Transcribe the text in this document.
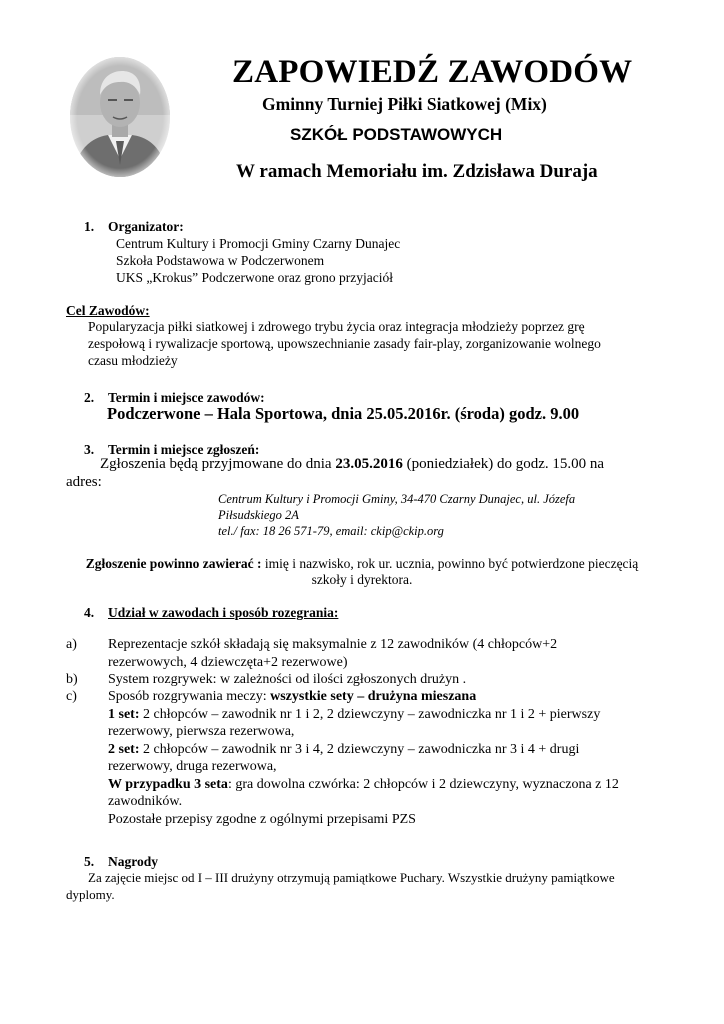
ZAPOWIEDŹ ZAWODÓW
Gminny Turniej Piłki Siatkowej (Mix)
SZKÓŁ PODSTAWOWYCH
W ramach Memoriału im. Zdzisława Duraja
1. Organizator:
Centrum Kultury i Promocji Gminy Czarny Dunajec
Szkoła Podstawowa w Podczerwonem
UKS „Krokus” Podczerwone oraz grono przyjaciół
Cel Zawodów:
Popularyzacja piłki siatkowej i zdrowego trybu życia oraz integracja młodzieży poprzez grę
zespołową i rywalizacje sportową, upowszechnianie zasady fair-play, zorganizowanie wolnego
czasu młodzieży
2. Termin i miejsce zawodów:
Podczerwone – Hala Sportowa, dnia 25.05.2016r. (środa) godz. 9.00
3. Termin i miejsce zgłoszeń:
Zgłoszenia będą przyjmowane do dnia 23.05.2016 (poniedziałek) do godz. 15.00 na
adres:
Centrum Kultury i Promocji Gminy, 34-470 Czarny Dunajec, ul. Józefa
Piłsudskiego 2A
tel./ fax: 18 26 571-79, email: ckip@ckip.org
Zgłoszenie powinno zawierać : imię i nazwisko, rok ur. ucznia, powinno być potwierdzone pieczęcią
szkoły i dyrektora.
4. Udział w zawodach i sposób rozegrania:
a) Reprezentacje szkół składają się maksymalnie z 12 zawodników (4 chłopców+2
rezerwowych, 4 dziewczęta+2 rezerwowe)
b) System rozgrywek: w zależności od ilości zgłoszonych drużyn .
c) Sposób rozgrywania meczy: wszystkie sety – drużyna mieszana
1 set: 2 chłopców – zawodnik nr 1 i 2, 2 dziewczyny – zawodniczka nr 1 i 2 + pierwszy
rezerwowy, pierwsza rezerwowa,
2 set: 2 chłopców – zawodnik nr 3 i 4, 2 dziewczyny – zawodniczka nr 3 i 4 + drugi
rezerwowy, druga rezerwowa,
W przypadku 3 seta: gra dowolna czwórka: 2 chłopców i 2 dziewczyny, wyznaczona z 12
zawodników.
Pozostałe przepisy zgodne z ogólnymi przepisami PZS
5. Nagrody
Za zajęcie miejsc od I – III drużyny otrzymują pamiątkowe Puchary. Wszystkie drużyny pamiątkowe
dyplomy.
